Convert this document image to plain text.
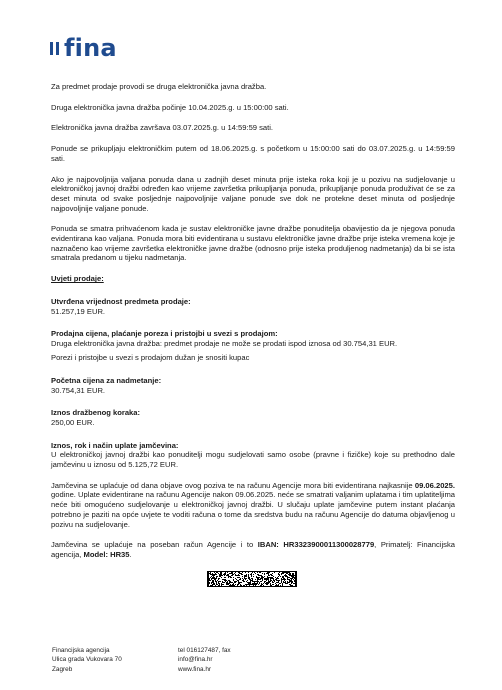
fina

Za predmet prodaje provodi se druga elektronička javna dražba.

Druga elektronička javna dražba počinje 10.04.2025.g. u 15:00:00 sati.

Elektronička javna dražba završava 03.07.2025.g. u 14:59:59 sati.

Ponude se prikupljaju elektroničkim putem od 18.06.2025.g. s početkom u 15:00:00 sati do 03.07.2025.g. u 14:59:59 sati.

Ako je najpovoljnija valjana ponuda dana u zadnjih deset minuta prije isteka roka koji je u pozivu na sudjelovanje u elektroničkoj javnoj dražbi određen kao vrijeme završetka prikupljanja ponuda, prikupljanje ponuda produživat će se za deset minuta od svake posljednje najpovoljnije valjane ponude sve dok ne protekne deset minuta od posljednje najpovoljnije valjane ponude.

Ponuda se smatra prihvaćenom kada je sustav elektroničke javne dražbe ponuditelja obavijestio da je njegova ponuda evidentirana kao valjana. Ponuda mora biti evidentirana u sustavu elektroničke javne dražbe prije isteka vremena koje je naznačeno kao vrijeme završetka elektroničke javne dražbe (odnosno prije isteka produljenog nadmetanja) da bi se ista smatrala predanom u tijeku nadmetanja.

Uvjeti prodaje:

Utvrđena vrijednost predmeta prodaje:

51.257,19 EUR.

Prodajna cijena, plaćanje poreza i pristojbi u svezi s prodajom:

Druga elektronička javna dražba: predmet prodaje ne može se prodati ispod iznosa od 30.754,31 EUR.

Porezi i pristojbe u svezi s prodajom dužan je snositi kupac

Početna cijena za nadmetanje:

30.754,31 EUR.

Iznos dražbenog koraka:

250,00 EUR.

Iznos, rok i način uplate jamčevina:

U elektroničkoj javnoj dražbi kao ponuditelji mogu sudjelovati samo osobe (pravne i fizičke) koje su prethodno dale jamčevinu u iznosu od 5.125,72 EUR.

Jamčevina se uplaćuje od dana objave ovog poziva te na računu Agencije mora biti evidentirana najkasnije 09.06.2025. godine. Uplate evidentirane na računu Agencije nakon 09.06.2025. neće se smatrati valjanim uplatama i tim uplatiteljima neće biti omogućeno sudjelovanje u elektroničkoj javnoj dražbi. U slučaju uplate jamčevine putem instant plaćanja potrebno je paziti na opće uvjete te voditi računa o tome da sredstva budu na računu Agencije do datuma objavljenog u pozivu na sudjelovanje.

Jamčevina se uplaćuje na poseban račun Agencije i to IBAN: HR3323900011300028779, Primatelj: Financijska agencija, Model: HR35.

Financijska agencija
Ulica grada Vukovara 70
Zagreb
tel 016127487, fax
info@fina.hr
www.fina.hr
